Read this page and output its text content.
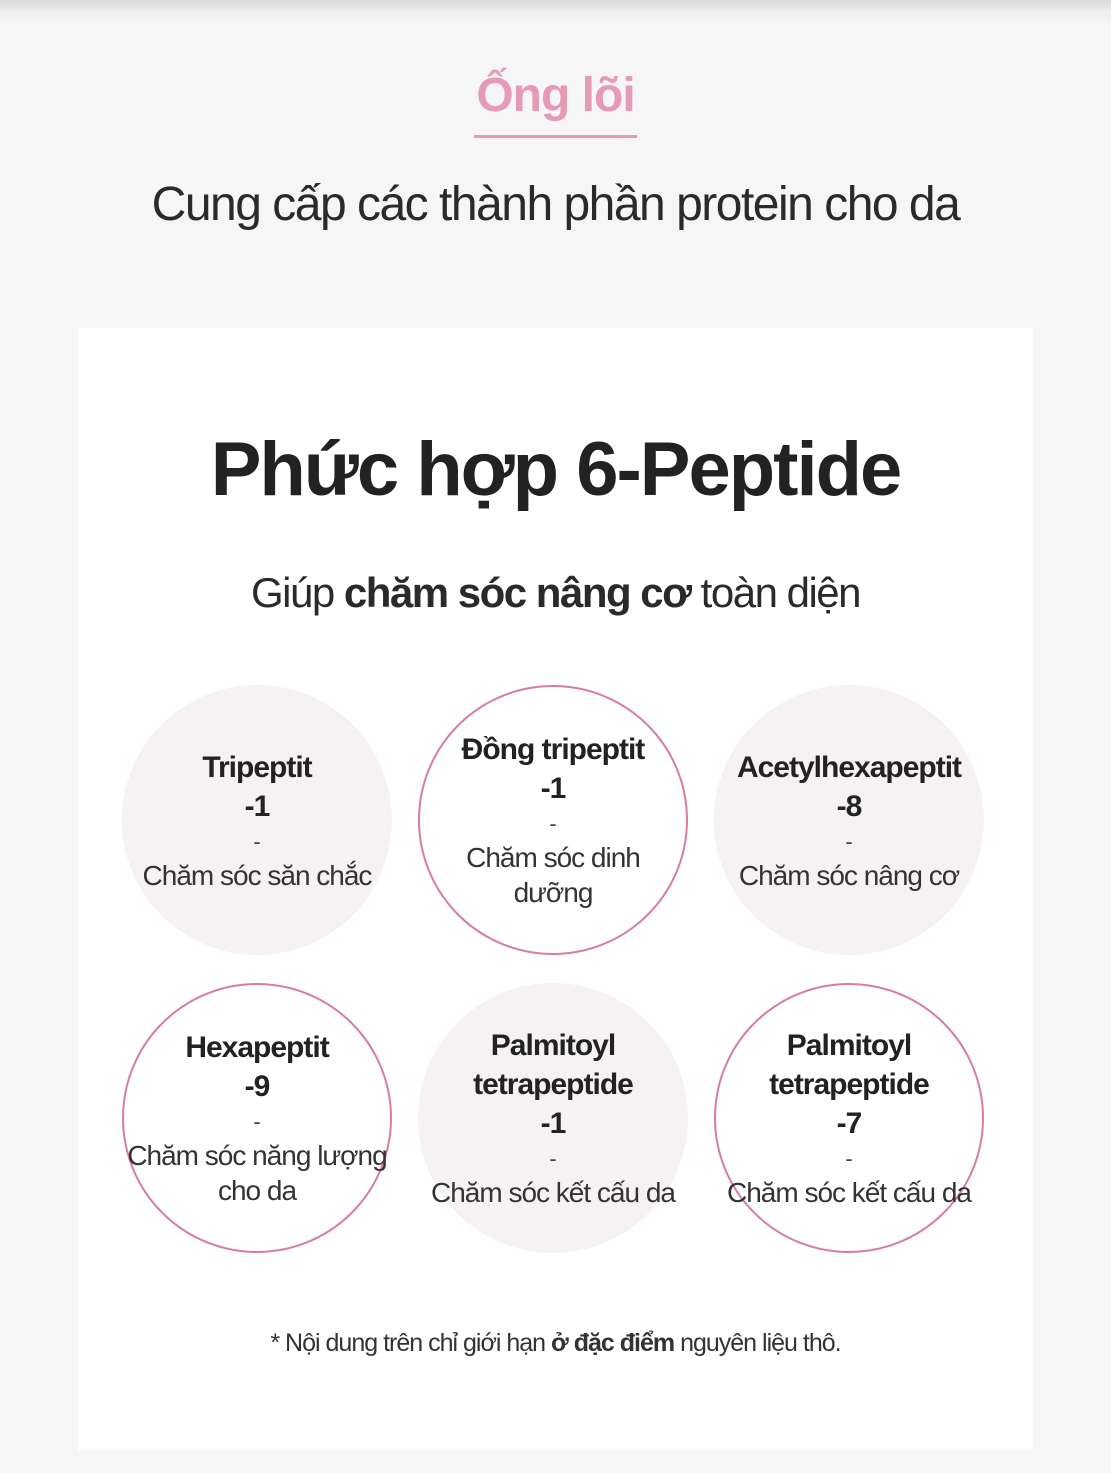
Ống lõi
Cung cấp các thành phần protein cho da
Phức hợp 6-Peptide
Giúp chăm sóc nâng cơ toàn diện
Tripeptit
-1
-
Chăm sóc săn chắc
Đồng tripeptit
-1
-
Chăm sóc dinh
dưỡng
Acetylhexapeptit
-8
-
Chăm sóc nâng cơ
Hexapeptit
-9
-
Chăm sóc năng lượng
cho da
Palmitoyl
tetrapeptide
-1
-
Chăm sóc kết cấu da
Palmitoyl
tetrapeptide
-7
-
Chăm sóc kết cấu da
* Nội dung trên chỉ giới hạn ở đặc điểm nguyên liệu thô.
